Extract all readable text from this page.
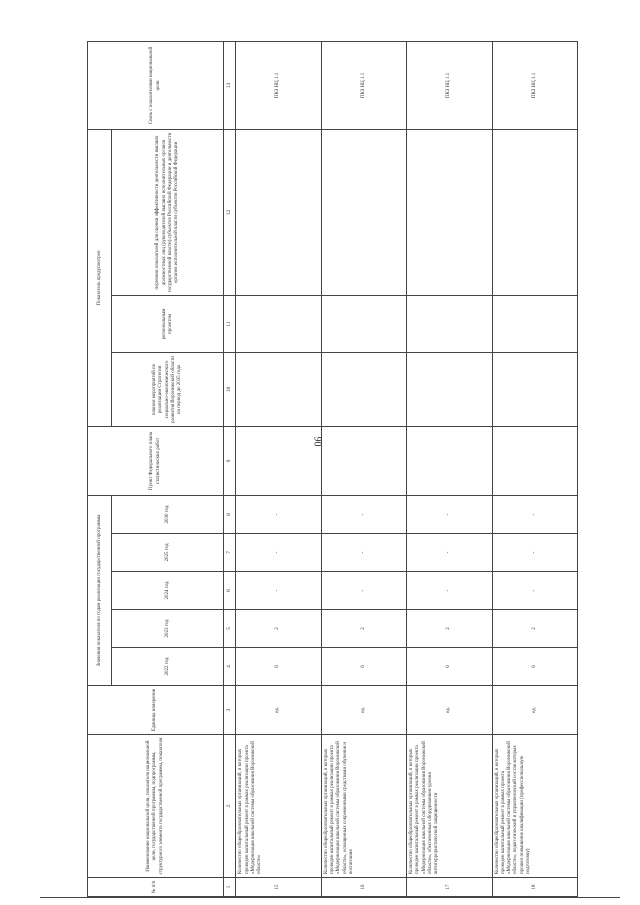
90
№ п/п	Наименование национальной цели, показателя национальной цели, государственной программы, подпрограммы, структурного элемента государственной программы, показателя	Единица измерения	Значения показателя по годам реализации государственной программы					Пункт Федерального плана статистических работ	Показатель предусмотрен			Связь с показателями национальной цели
			2022 год	2023 год	2024 год	2025 год	2030 год		планом мероприятий по реализации Стратегии социально-экономического развития Воронежской области на период до 2035 года	региональным проектом	перечнем показателей для оценки эффективности деятельности высших должностных лиц (руководителей высших исполнительных органов государственной власти) субъектов Российской Федерации и деятельности органов исполнительной власти субъектов Российской Федерации	

1	2	3	4	5	6	7	8	9	10	11	12	13
15	Количество общеобразовательных организаций, в которых проведен капитальный ремонт в рамках реализации проекта «Модернизация школьной системы образования Воронежской области»	ед.	6	2	-	-	-					ПКЗ НЦ 1.1
16	Количество общеобразовательных организаций, в которых проведен капитальный ремонт в рамках реализации проекта «Модернизация школьной системы образования Воронежской области», оснащенных современными средствами обучения и воспитания	ед.	6	2	-	-	-					ПКЗ НЦ 1.1
17	Количество общеобразовательных организаций, в которых проведен капитальный ремонт в рамках реализации проекта «Модернизация школьной системы образования Воронежской области», обеспеченных оборудованием уровня антитеррористической защищенности	ед.	6	2	-	-	-					ПКЗ НЦ 1.1
18	Количество общеобразовательных организаций, в которых проведен капитальный ремонт в рамках проекта «Модернизация школьной системы образования Воронежской области», педагогический и управленческий состав которых прошел повышение квалификации (профессиональную подготовку)	ед.	6	2	-	-	-					ПКЗ НЦ 1.1
